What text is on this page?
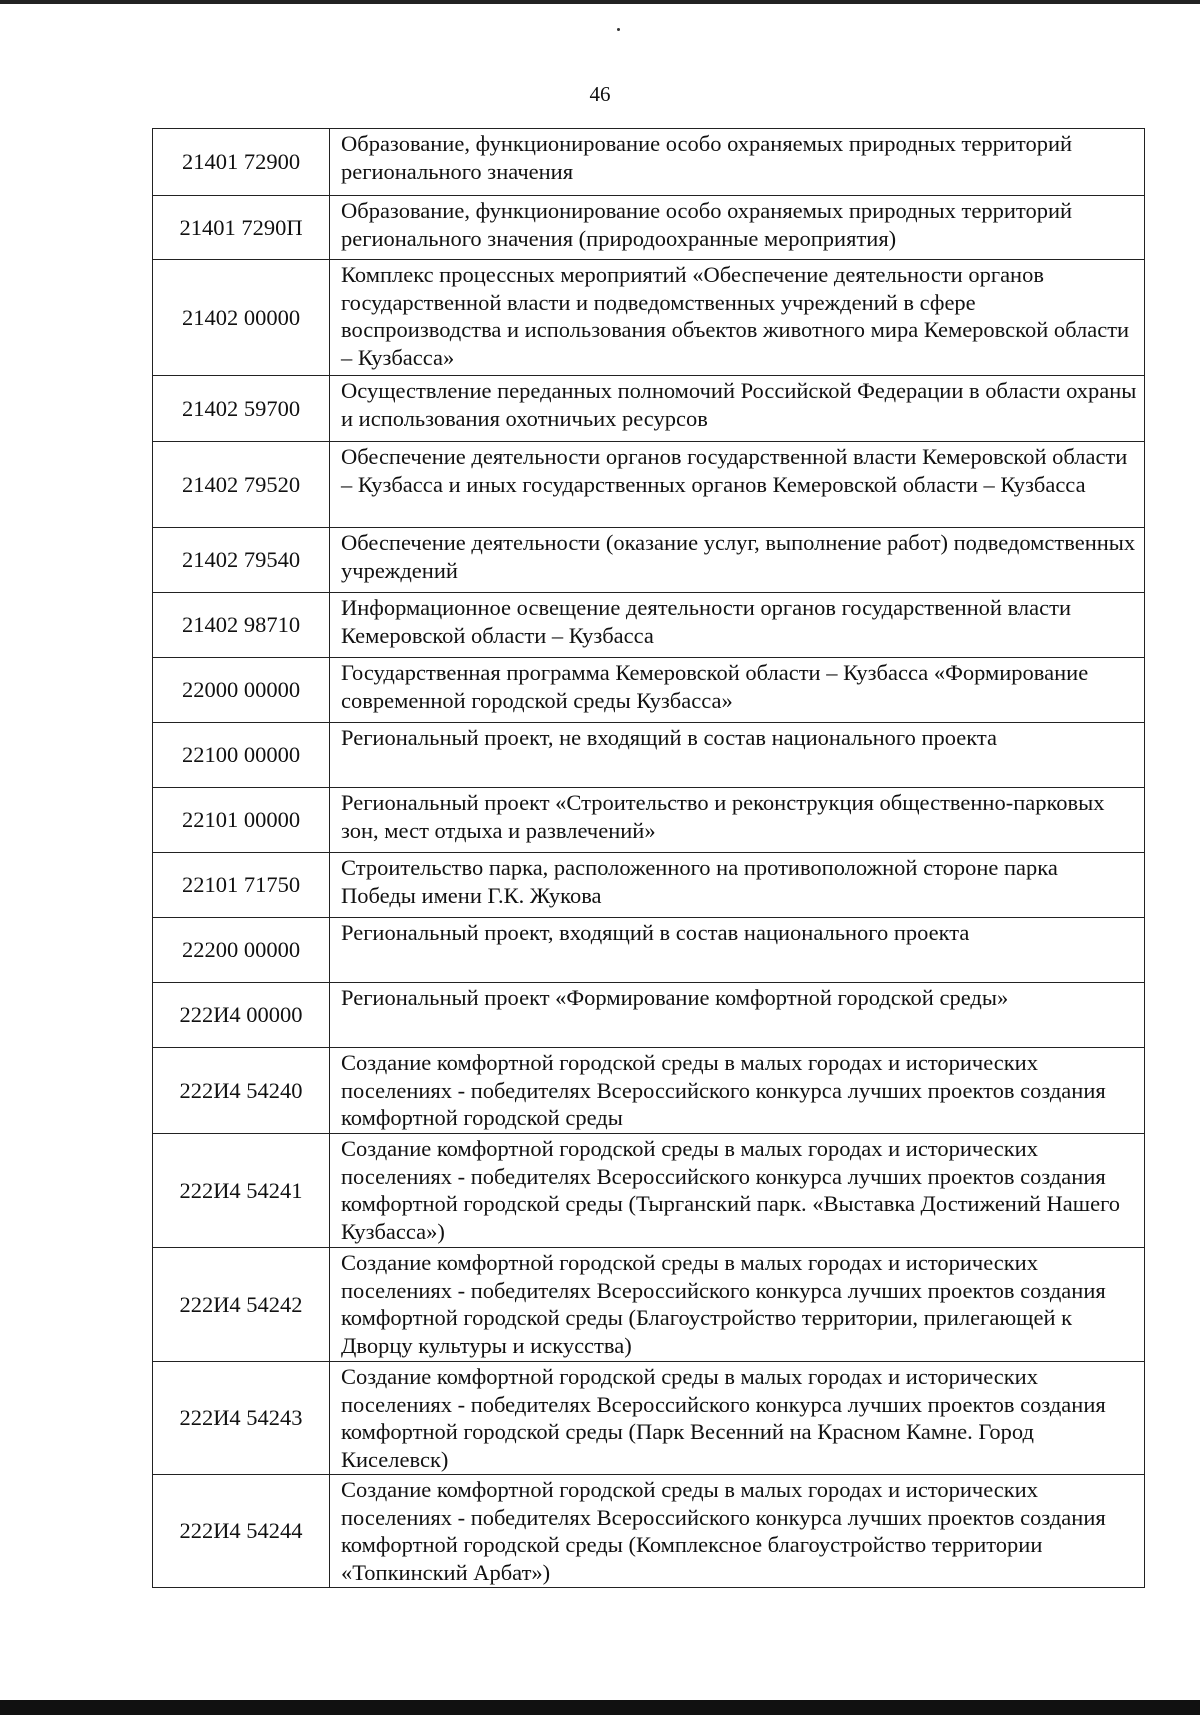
46
21401 72900	Образование, функционирование особо охраняемых природных территорий регионального значения
21401 7290П	Образование, функционирование особо охраняемых природных территорий регионального значения (природоохранные мероприятия)
21402 00000	Комплекс процессных мероприятий «Обеспечение деятельности органов государственной власти и подведомственных учреждений в сфере воспроизводства и использования объектов животного мира Кемеровской области – Кузбасса»
21402 59700	Осуществление переданных полномочий Российской Федерации в области охраны и использования охотничьих ресурсов
21402 79520	Обеспечение деятельности органов государственной власти Кемеровской области – Кузбасса и иных государственных органов Кемеровской области – Кузбасса
21402 79540	Обеспечение деятельности (оказание услуг, выполнение работ) подведомственных учреждений
21402 98710	Информационное освещение деятельности органов государственной власти Кемеровской области – Кузбасса
22000 00000	Государственная программа Кемеровской области – Кузбасса «Формирование современной городской среды Кузбасса»
22100 00000	Региональный проект, не входящий в состав национального проекта
22101 00000	Региональный проект «Строительство и реконструкция общественно-парковых зон, мест отдыха и развлечений»
22101 71750	Строительство парка, расположенного на противоположной стороне парка Победы имени Г.К. Жукова
22200 00000	Региональный проект, входящий в состав национального проекта
222И4 00000	Региональный проект «Формирование комфортной городской среды»
222И4 54240	Создание комфортной городской среды в малых городах и исторических поселениях - победителях Всероссийского конкурса лучших проектов создания комфортной городской среды
222И4 54241	Создание комфортной городской среды в малых городах и исторических поселениях - победителях Всероссийского конкурса лучших проектов создания комфортной городской среды (Тырганский парк. «Выставка Достижений Нашего Кузбасса»)
222И4 54242	Создание комфортной городской среды в малых городах и исторических поселениях - победителях Всероссийского конкурса лучших проектов создания комфортной городской среды (Благоустройство территории, прилегающей к Дворцу культуры и искусства)
222И4 54243	Создание комфортной городской среды в малых городах и исторических поселениях - победителях Всероссийского конкурса лучших проектов создания комфортной городской среды (Парк Весенний на Красном Камне. Город Киселевск)
222И4 54244	Создание комфортной городской среды в малых городах и исторических поселениях - победителях Всероссийского конкурса лучших проектов создания комфортной городской среды (Комплексное благоустройство территории «Топкинский Арбат»)
